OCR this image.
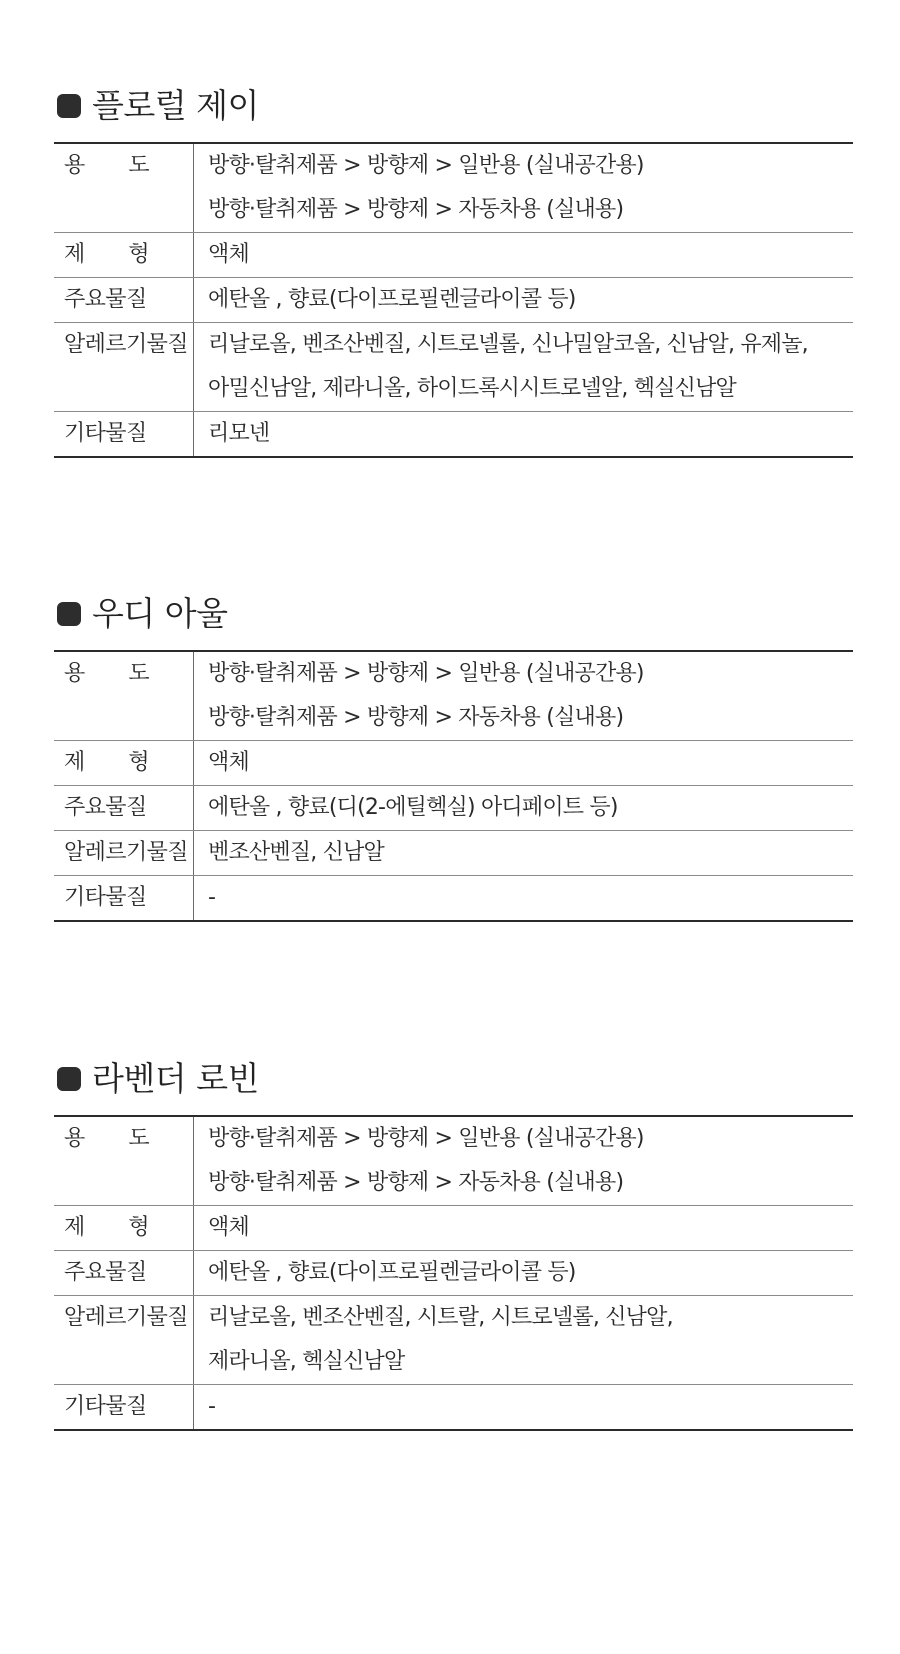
플로럴 제이
용 도	방향·탈취제품 > 방향제 > 일반용 (실내공간용)
방향·탈취제품 > 방향제 > 자동차용 (실내용)
제 형	액체
주요물질	에탄올 , 향료(다이프로필렌글라이콜 등)
알레르기물질 리날로올, 벤조산벤질, 시트로넬롤, 신나밀알코올, 신남알, 유제놀,
아밀신남알, 제라니올, 하이드록시시트로넬알, 헥실신남알
기타물질	리모넨
우디 아울
용 도	방향·탈취제품 > 방향제 > 일반용 (실내공간용)
방향·탈취제품 > 방향제 > 자동차용 (실내용)
제 형	액체
주요물질	에탄올 , 향료(디(2-에틸헥실) 아디페이트 등)
알레르기물질 벤조산벤질, 신남알
기타물질	-
라벤더 로빈
용 도	방향·탈취제품 > 방향제 > 일반용 (실내공간용)
방향·탈취제품 > 방향제 > 자동차용 (실내용)
제 형	액체
주요물질	에탄올 , 향료(다이프로필렌글라이콜 등)
알레르기물질 리날로올, 벤조산벤질, 시트랄, 시트로넬롤, 신남알,
제라니올, 헥실신남알
기타물질	-
